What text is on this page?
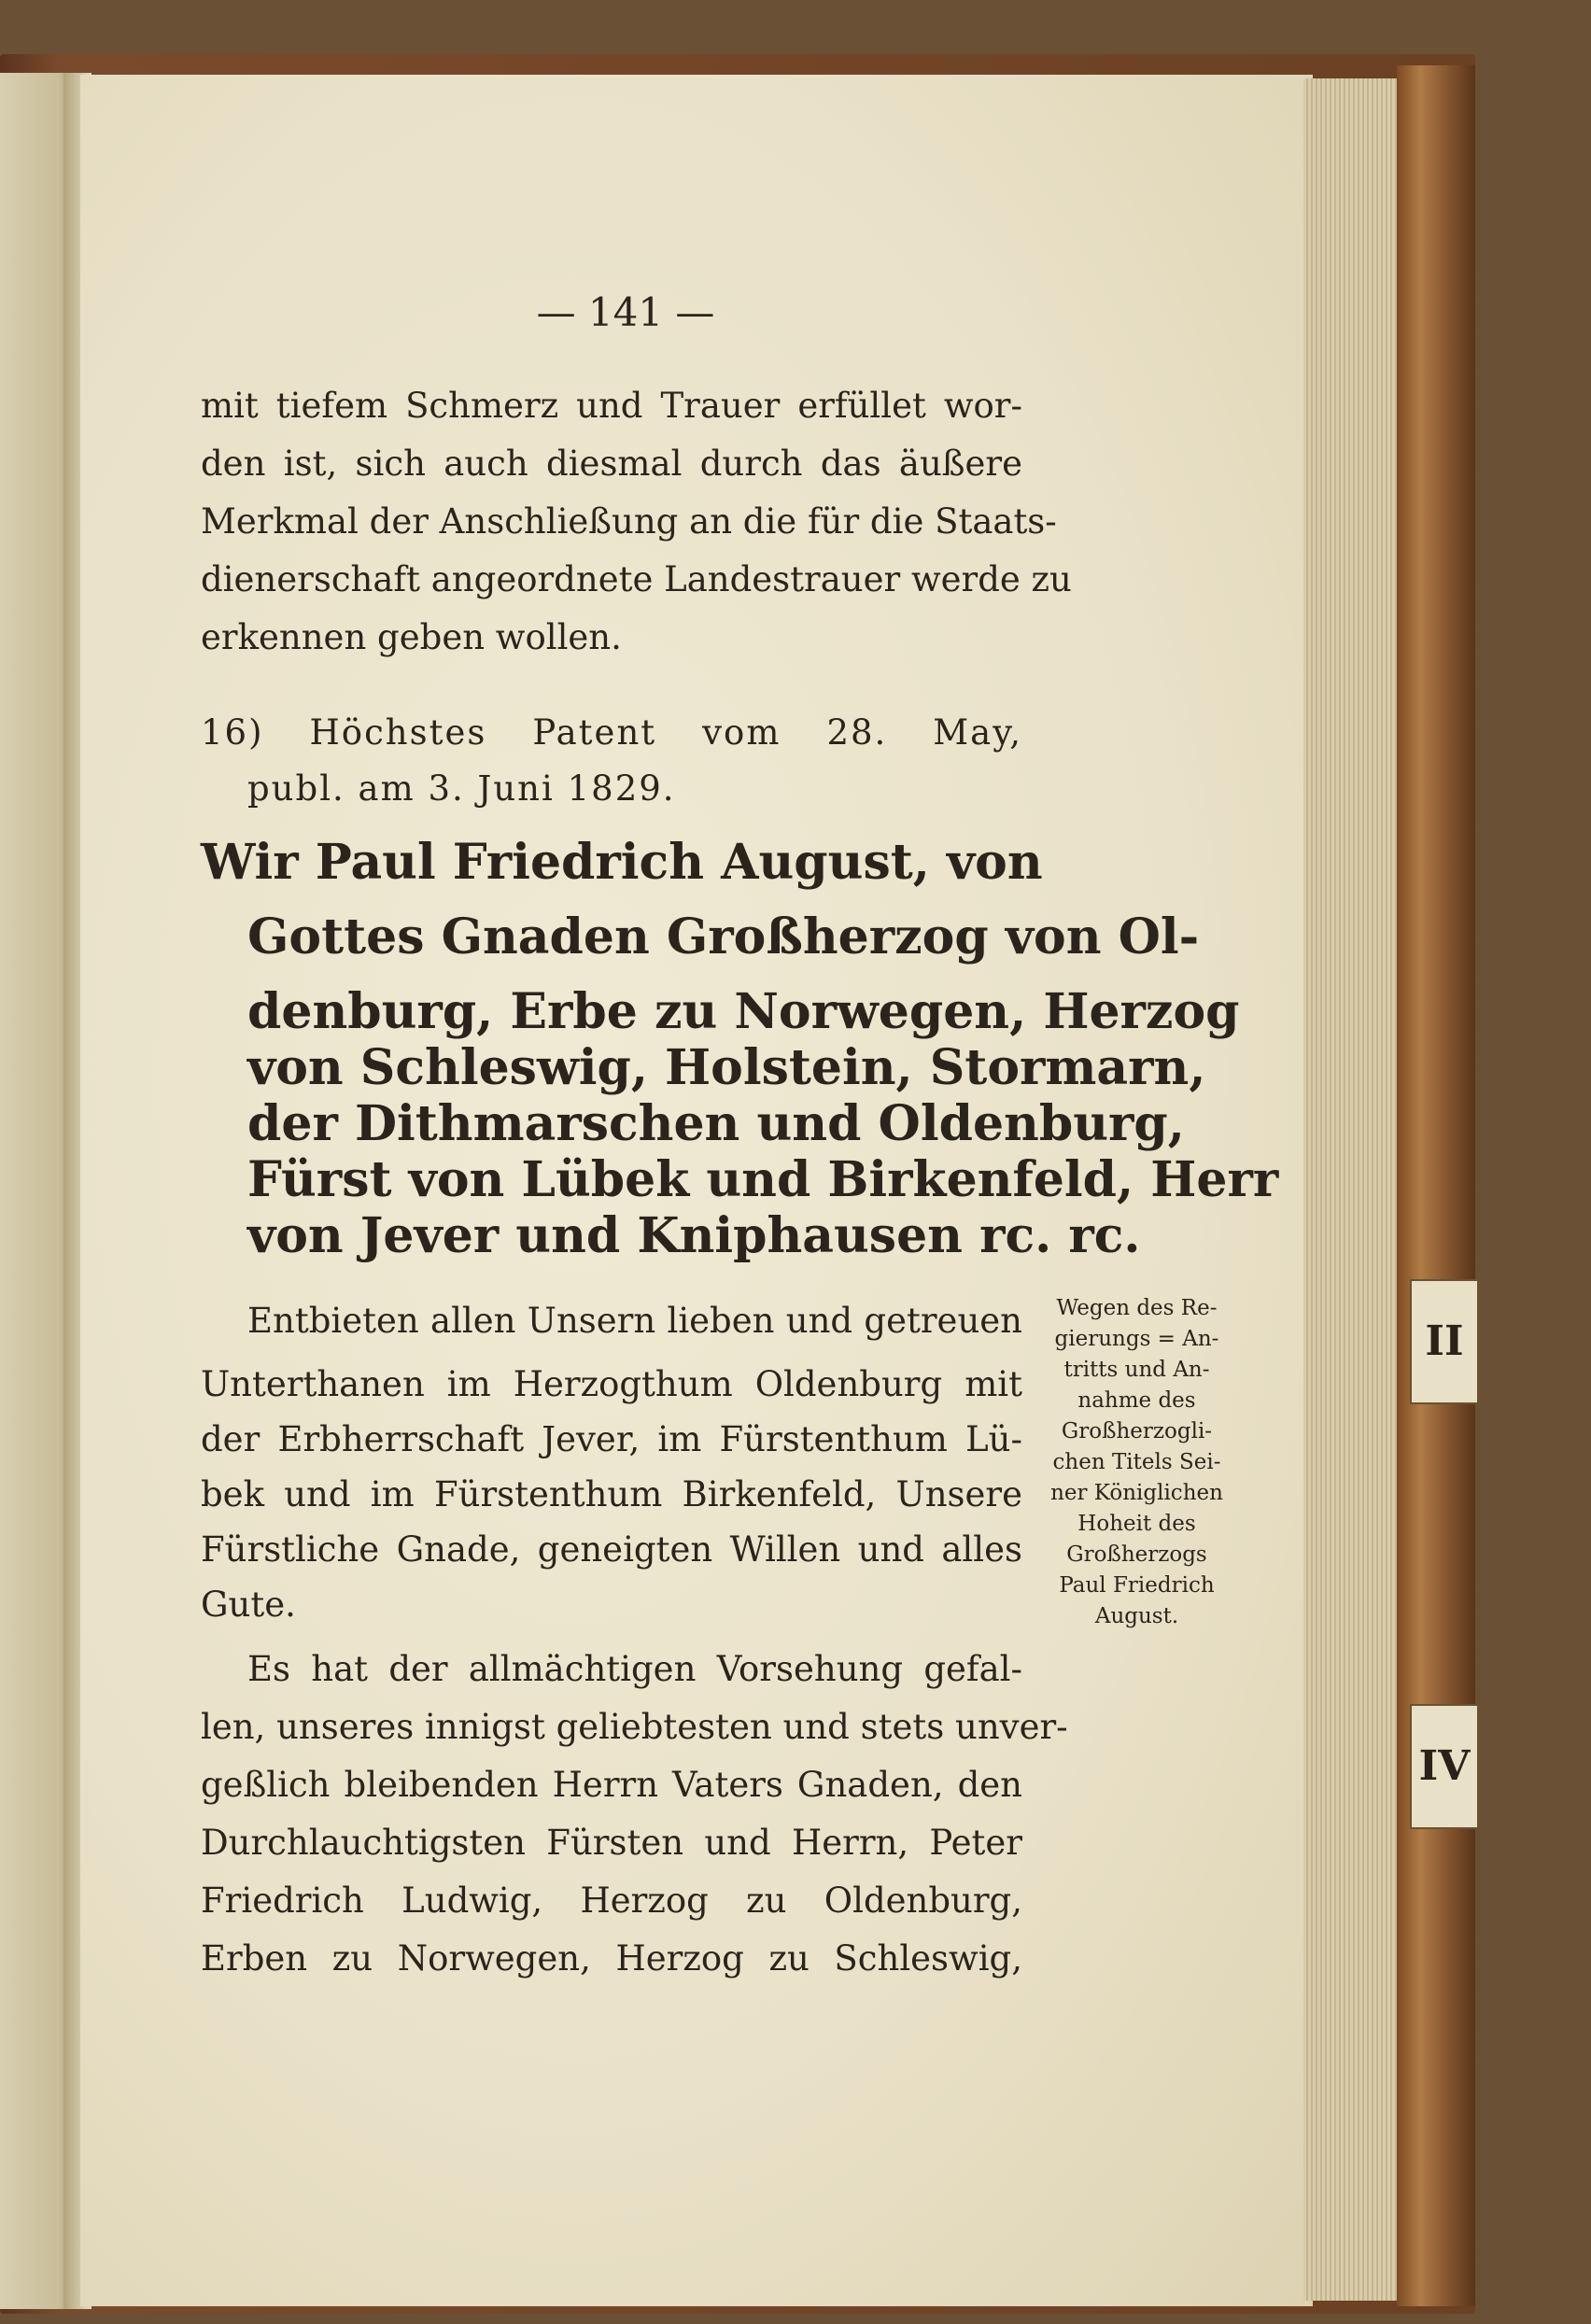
II
IV
— 141 —
mit tiefem Schmerz und Trauer erfüllet wor-
den ist, sich auch diesmal durch das äußere
Merkmal der Anschließung an die für die Staats-
dienerschaft angeordnete Landestrauer werde zu
erkennen geben wollen.
16) Höchstes Patent vom 28. May,
publ. am 3. Juni 1829.
Wir Paul Friedrich August, von
Gottes Gnaden Großherzog von Ol-
denburg, Erbe zu Norwegen, Herzog
von Schleswig, Holstein, Stormarn,
der Dithmarschen und Oldenburg,
Fürst von Lübek und Birkenfeld, Herr
von Jever und Kniphausen rc. rc.
Entbieten allen Unsern lieben und getreuen
Unterthanen im Herzogthum Oldenburg mit
der Erbherrschaft Jever, im Fürstenthum Lü-
bek und im Fürstenthum Birkenfeld, Unsere
Fürstliche Gnade, geneigten Willen und alles
Gute.
Es hat der allmächtigen Vorsehung gefal-
len, unseres innigst geliebtesten und stets unver-
geßlich bleibenden Herrn Vaters Gnaden, den
Durchlauchtigsten Fürsten und Herrn, Peter
Friedrich Ludwig, Herzog zu Oldenburg,
Erben zu Norwegen, Herzog zu Schleswig,
Wegen des Re-
gierungs = An-
tritts und An-
nahme des
Großherzogli-
chen Titels Sei-
ner Königlichen
Hoheit des
Großherzogs
Paul Friedrich
August.
